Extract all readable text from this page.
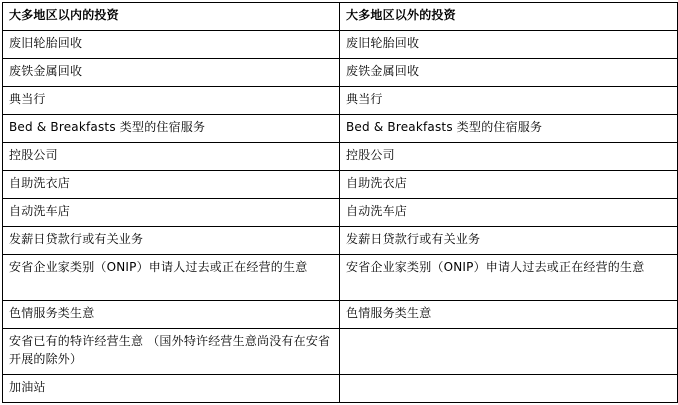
大多地区以内的投资	大多地区以外的投资
废旧轮胎回收	废旧轮胎回收
废铁金属回收	废铁金属回收
典当行	典当行
Bed & Breakfasts 类型的住宿服务	Bed & Breakfasts 类型的住宿服务
控股公司	控股公司
自助洗衣店	自助洗衣店
自动洗车店	自动洗车店
发薪日贷款行或有关业务	发薪日贷款行或有关业务
安省企业家类别（ONIP）申请人过去或正在经营的生意	安省企业家类别（ONIP）申请人过去或正在经营的生意
色情服务类生意	色情服务类生意
安省已有的特许经营生意 （国外特许经营生意尚没有在安省开展的除外）	
加油站	
